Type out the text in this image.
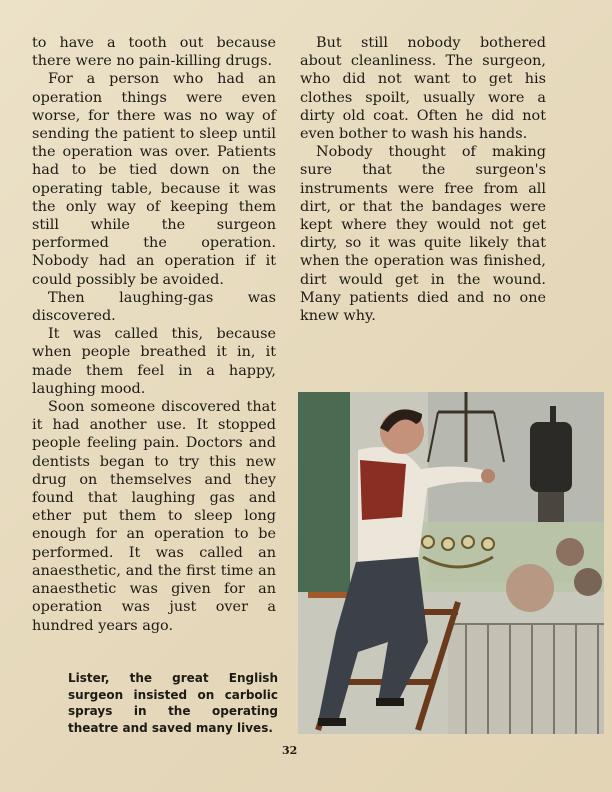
to have a tooth out because there were no pain-killing drugs.

For a person who had an operation things were even worse, for there was no way of sending the patient to sleep until the operation was over. Patients had to be tied down on the operating table, because it was the only way of keeping them still while the surgeon performed the operation. Nobody had an operation if it could possibly be avoided.

Then laughing-gas was discovered.

It was called this, because when people breathed it in, it made them feel in a happy, laughing mood.

Soon someone discovered that it had another use. It stopped people feeling pain. Doctors and dentists began to try this new drug on themselves and they found that laughing gas and ether put them to sleep long enough for an operation to be performed. It was called an anaesthetic, and the first time an anaesthetic was given for an operation was just over a hundred years ago.

But still nobody bothered about cleanliness. The surgeon, who did not want to get his clothes spoilt, usually wore a dirty old coat. Often he did not even bother to wash his hands.

Nobody thought of making sure that the surgeon's instruments were free from all dirt, or that the bandages were kept where they would not get dirty, so it was quite likely that when the operation was finished, dirt would get in the wound. Many patients died and no one knew why.

Lister, the great English surgeon insisted on carbolic sprays in the operating theatre and saved many lives.
32
